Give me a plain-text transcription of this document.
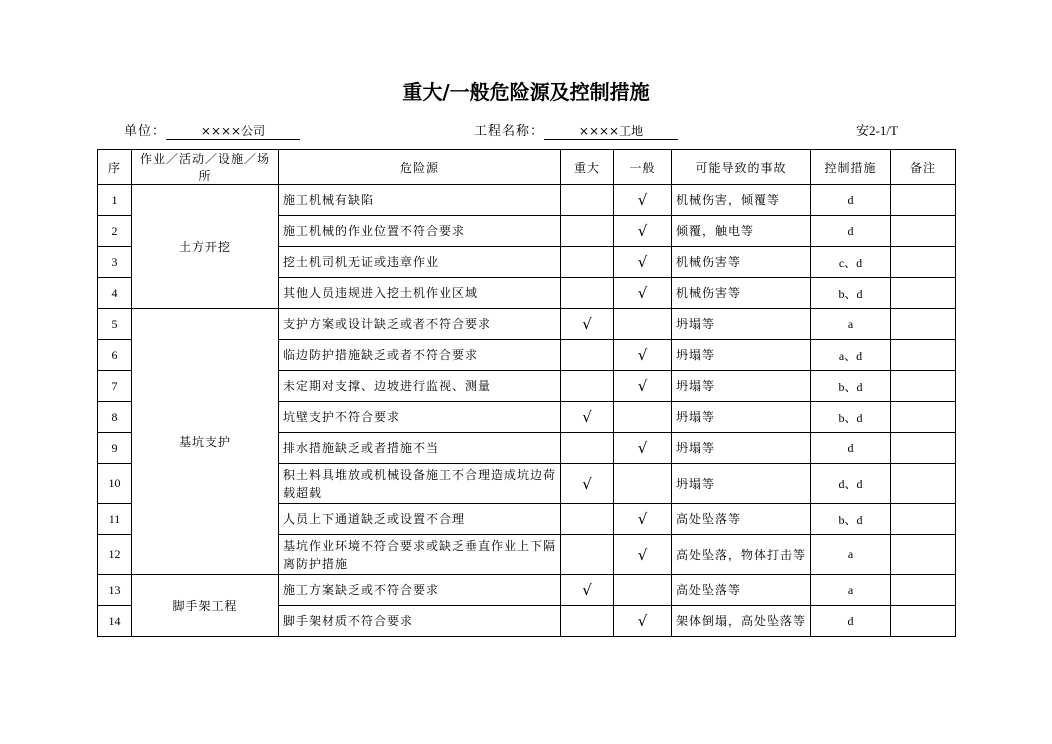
重大/一般危险源及控制措施
单位：	××××公司	工程名称：	××××工地	安2-1/T
序	作业／活动／设施／场所	危险源	重大	一般	可能导致的事故	控制措施	备注
1	土方开挖	施工机械有缺陷		√	机械伤害，倾覆等	d	
2		施工机械的作业位置不符合要求		√	倾覆，触电等	d	
3		挖土机司机无证或违章作业		√	机械伤害等	c、d	
4		其他人员违规进入挖土机作业区域		√	机械伤害等	b、d	
5	基坑支护	支护方案或设计缺乏或者不符合要求	√		坍塌等	a	
6		临边防护措施缺乏或者不符合要求		√	坍塌等	a、d	
7		未定期对支撑、边坡进行监视、测量		√	坍塌等	b、d	
8		坑壁支护不符合要求	√		坍塌等	b、d	
9		排水措施缺乏或者措施不当		√	坍塌等	d	
10		积土料具堆放或机械设备施工不合理造成坑边荷载超载	√		坍塌等	d、d	
11		人员上下通道缺乏或设置不合理		√	高处坠落等	b、d	
12		基坑作业环境不符合要求或缺乏垂直作业上下隔离防护措施		√	高处坠落，物体打击等	a	
13	脚手架工程	施工方案缺乏或不符合要求	√		高处坠落等	a	
14		脚手架材质不符合要求		√	架体倒塌，高处坠落等	d	
